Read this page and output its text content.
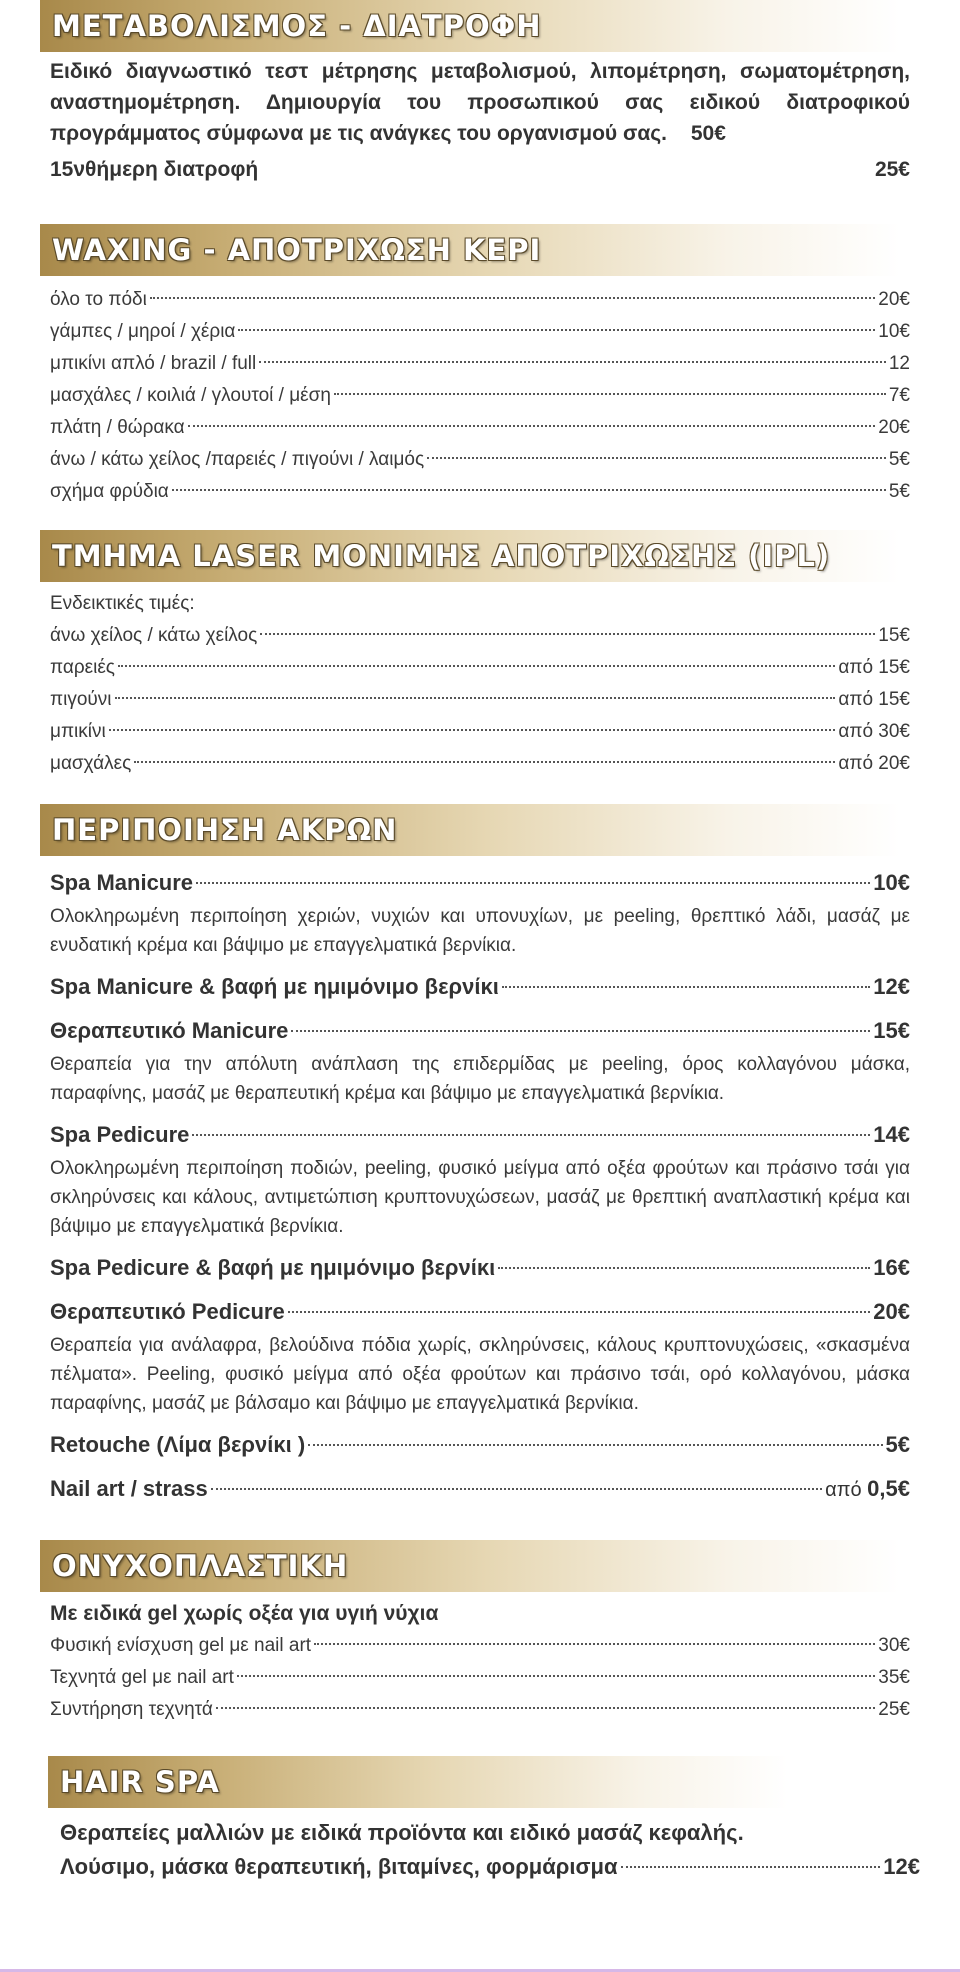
ΜΕΤΑΒΟΛΙΣΜΟΣ - ΔΙΑΤΡΟΦΗ

Ειδικό διαγνωστικό τεστ μέτρησης μεταβολισμού, λιπομέτρηση, σωματομέτρηση, αναστημομέτρηση. Δημιουργία του προσωπικού σας ειδικού διατροφικού προγράμματος σύμφωνα με τις ανάγκες του οργανισμού σας. 50€

15νθήμερη διατροφή	25€
WAXING - ΑΠΟΤΡΙΧΩΣΗ ΚΕΡΙ
όλο το πόδι	20€
γάμπες / μηροί / χέρια	10€
μπικίνι απλό / brazil / full	12
μασχάλες / κοιλιά / γλουτοί / μέση	7€
πλάτη / θώρακα	20€
άνω / κάτω χείλος /παρειές / πιγούνι / λαιμός	5€
σχήμα φρύδια	5€
ΤΜΗΜΑ LASER ΜΟΝΙΜΗΣ ΑΠΟΤΡΙΧΩΣΗΣ (IPL)
Ενδεικτικές τιμές:
άνω χείλος / κάτω χείλος	15€
παρειές	από 15€
πιγούνι	από 15€
μπικίνι	από 30€
μασχάλες	από 20€
ΠΕΡΙΠΟΙΗΣΗ ΑΚΡΩΝ
Spa Manicure	10€
Ολοκληρωμένη περιποίηση χεριών, νυχιών και υπονυχίων, με peeling, θρεπτικό λάδι, μασάζ με ενυδατική κρέμα και βάψιμο με επαγγελματικά βερνίκια.
Spa Manicure & βαφή με ημιμόνιμο βερνίκι	12€
Θεραπευτικό Manicure	15€
Θεραπεία για την απόλυτη ανάπλαση της επιδερμίδας με peeling, όρος κολλαγόνου μάσκα, παραφίνης, μασάζ με θεραπευτική κρέμα και βάψιμο με επαγγελματικά βερνίκια.
Spa Pedicure	14€
Ολοκληρωμένη περιποίηση ποδιών, peeling, φυσικό μείγμα από οξέα φρούτων και πράσινο τσάι για σκληρύνσεις και κάλους, αντιμετώπιση κρυπτονυχώσεων, μασάζ με θρεπτική αναπλαστική κρέμα και βάψιμο με επαγγελματικά βερνίκια.
Spa Pedicure & βαφή με ημιμόνιμο βερνίκι	16€
Θεραπευτικό Pedicure	20€
Θεραπεία για ανάλαφρα, βελούδινα πόδια χωρίς, σκληρύνσεις, κάλους κρυπτονυχώσεις, «σκασμένα πέλματα». Peeling, φυσικό μείγμα από οξέα φρούτων και πράσινο τσάι, ορό κολλαγόνου, μάσκα παραφίνης, μασάζ με βάλσαμο και βάψιμο με επαγγελματικά βερνίκια.
Retouche (Λίμα βερνίκι )	5€
Nail art / strass	από 0,5€
ΟΝΥΧΟΠΛΑΣΤΙΚΗ
Με ειδικά gel χωρίς οξέα για υγιή νύχια
Φυσική ενίσχυση gel με nail art	30€
Τεχνητά gel με nail art	35€
Συντήρηση τεχνητά	25€
HAIR SPA
Θεραπείες μαλλιών με ειδικά προϊόντα και ειδικό μασάζ κεφαλής.
Λούσιμο, μάσκα θεραπευτική, βιταμίνες, φορμάρισμα	12€
